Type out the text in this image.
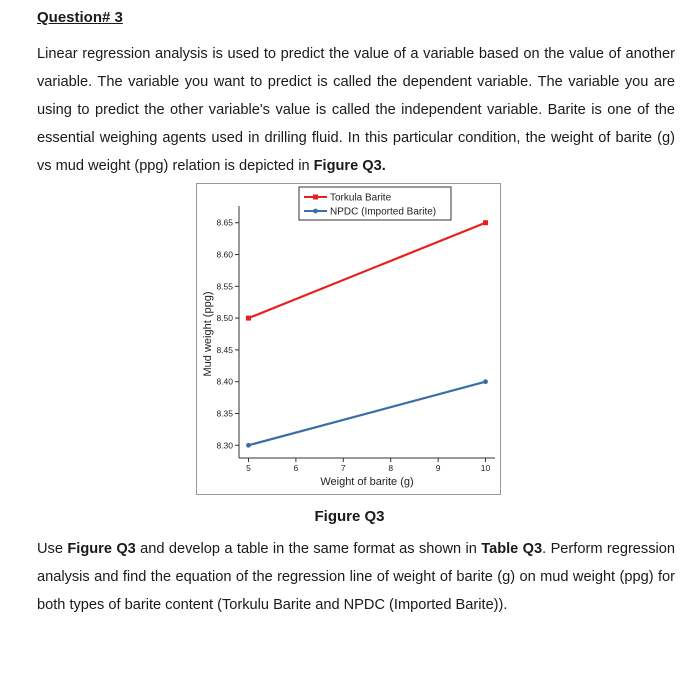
Question# 3

Linear regression analysis is used to predict the value of a variable based on the value of another variable. The variable you want to predict is called the dependent variable. The variable you are using to predict the other variable's value is called the independent variable. Barite is one of the essential weighing agents used in drilling fluid. In this particular condition, the weight of barite (g) vs mud weight (ppg) relation is depicted in Figure Q3.

8.30
8.35
8.40
8.45
8.50
8.55
8.60
8.65
5	6	7	8	9	10
Weight of barite (g)
Mud weight (ppg)
Torkula Barite
NPDC (Imported Barite)
Figure Q3

Use Figure Q3 and develop a table in the same format as shown in Table Q3. Perform regression analysis and find the equation of the regression line of weight of barite (g) on mud weight (ppg) for both types of barite content (Torkulu Barite and NPDC (Imported Barite)).
